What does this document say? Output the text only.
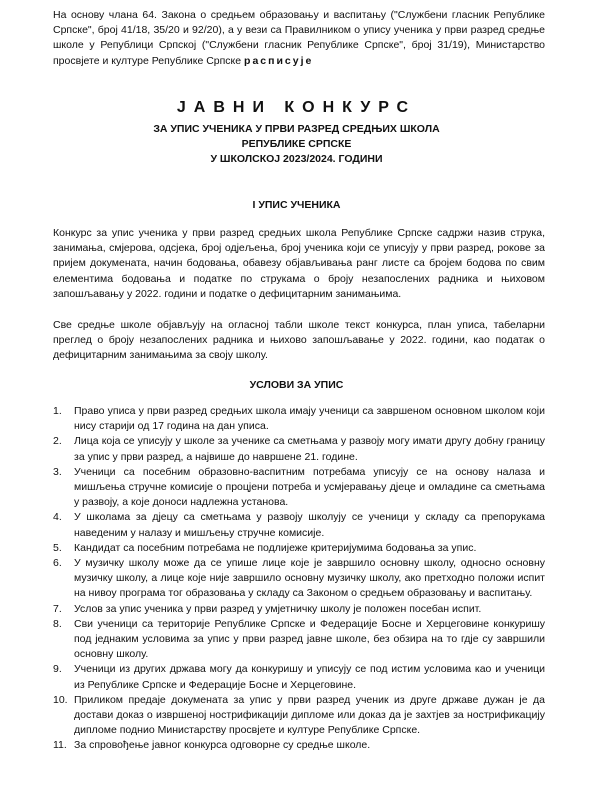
На основу члана 64. Закона о средњем образовању и васпитању ("Службени гласник Републике Српске", број 41/18, 35/20 и 92/20), а у вези са Правилником о упису ученика у први разред средње школе у Републици Српској ("Службени гласник Републике Српске", број 31/19), Министарство просвјете и културе Републике Српске расписује

ЈАВНИ КОНКУРС

ЗА УПИС УЧЕНИКА У ПРВИ РАЗРЕД СРЕДЊИХ ШКОЛА

РЕПУБЛИКЕ СРПСКЕ

У ШКОЛСКОЈ 2023/2024. ГОДИНИ

I УПИС УЧЕНИКА

Конкурс за упис ученика у први разред средњих школа Републике Српске садржи назив струка, занимања, смјерова, одсјека, број одјељења, број ученика који се уписују у први разред, рокове за пријем докумената, начин бодовања, обавезу објављивања ранг листе са бројем бодова по свим елементима бодовања и податке по струкама о броју незапослених радника и њиховом запошљавању у 2022. години и податке о дефицитарним занимањима.

Све средње школе објављују на огласној табли школе текст конкурса, план уписа, табеларни преглед о броју незапослених радника и њихово запошљавање у 2022. години, као податак о дефицитарним занимањима за своју школу.

УСЛОВИ ЗА УПИС

1. Право уписа у први разред средњих школа имају ученици са завршеном основном школом који нису старији од 17 година на дан уписа.
2. Лица која се уписују у школе за ученике са сметњама у развоју могу имати другу добну границу за упис у први разред, а највише до навршене 21. године.
3. Ученици са посебним образовно-васпитним потребама уписују се на основу налаза и мишљења стручне комисије о процјени потреба и усмјеравању дјеце и омладине са сметњама у развоју, а које доноси надлежна установа.
4. У школама за дјецу са сметњама у развоју школују се ученици у складу са препорукама наведеним у налазу и мишљењу стручне комисије.
5. Кандидат са посебним потребама не подлијеже критеријумима бодовања за упис.
6. У музичку школу може да се упише лице које је завршило основну школу, односно основну музичку школу, а лице које није завршило основну музичку школу, ако претходно положи испит на нивоу програма тог образовања у складу са Законом о средњем образовању и васпитању.
7. Услов за упис ученика у први разред у умјетничку школу је положен посебан испит.
8. Сви ученици са територије Републике Српске и Федерације Босне и Херцеговине конкуришу под једнаким условима за упис у први разред јавне школе, без обзира на то гдје су завршили основну школу.
9. Ученици из других држава могу да конкуришу и уписују се под истим условима као и ученици из Републике Српске и Федерације Босне и Херцеговине.
10. Приликом предаје докумената за упис у први разред ученик из друге државе дужан је да достави доказ о извршеној нострификацији дипломе или доказ да је захтјев за нострификацију дипломе поднио Министарству просвјете и културе Републике Српске.
11. За спровођење јавног конкурса одговорне су средње школе.
